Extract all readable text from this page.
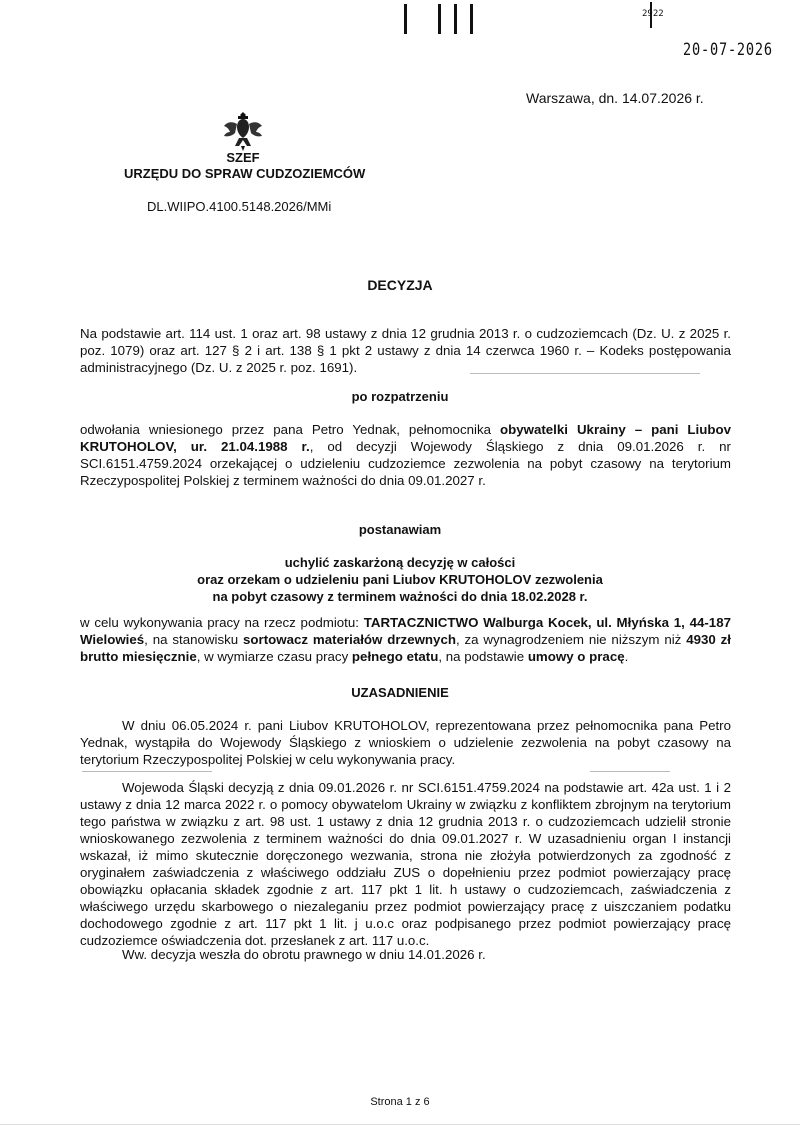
2922
20-07-2026
Warszawa, dn. 14.07.2026 r.
SZEF
URZĘDU DO SPRAW CUDZOZIEMCÓW
DL.WIIPO.4100.5148.2026/MMi
DECYZJA
Na podstawie art. 114 ust. 1 oraz art. 98 ustawy z dnia 12 grudnia 2013 r. o cudzoziemcach (Dz. U. z 2025 r. poz. 1079) oraz art. 127 § 2 i art. 138 § 1 pkt 2 ustawy z dnia 14 czerwca 1960 r. – Kodeks postępowania administracyjnego (Dz. U. z 2025 r. poz. 1691).
po rozpatrzeniu
odwołania wniesionego przez pana Petro Yednak, pełnomocnika obywatelki Ukrainy – pani Liubov KRUTOHOLOV, ur. 21.04.1988 r., od decyzji Wojewody Śląskiego z dnia 09.01.2026 r. nr SCI.6151.4759.2024 orzekającej o udzieleniu cudzoziemce zezwolenia na pobyt czasowy na terytorium Rzeczypospolitej Polskiej z terminem ważności do dnia 09.01.2027 r.
postanawiam
uchylić zaskarżoną decyzję w całości
oraz orzekam o udzieleniu pani Liubov KRUTOHOLOV zezwolenia
na pobyt czasowy z terminem ważności do dnia 18.02.2028 r.
w celu wykonywania pracy na rzecz podmiotu: TARTACZNICTWO Walburga Kocek, ul. Młyńska 1, 44-187 Wielowieś, na stanowisku sortowacz materiałów drzewnych, za wynagrodzeniem nie niższym niż 4930 zł brutto miesięcznie, w wymiarze czasu pracy pełnego etatu, na podstawie umowy o pracę.
UZASADNIENIE
W dniu 06.05.2024 r. pani Liubov KRUTOHOLOV, reprezentowana przez pełnomocnika pana Petro Yednak, wystąpiła do Wojewody Śląskiego z wnioskiem o udzielenie zezwolenia na pobyt czasowy na terytorium Rzeczypospolitej Polskiej w celu wykonywania pracy.
Wojewoda Śląski decyzją z dnia 09.01.2026 r. nr SCI.6151.4759.2024 na podstawie art. 42a ust. 1 i 2 ustawy z dnia 12 marca 2022 r. o pomocy obywatelom Ukrainy w związku z konfliktem zbrojnym na terytorium tego państwa w związku z art. 98 ust. 1 ustawy z dnia 12 grudnia 2013 r. o cudzoziemcach udzielił stronie wnioskowanego zezwolenia z terminem ważności do dnia 09.01.2027 r. W uzasadnieniu organ I instancji wskazał, iż mimo skutecznie doręczonego wezwania, strona nie złożyła potwierdzonych za zgodność z oryginałem zaświadczenia z właściwego oddziału ZUS o dopełnieniu przez podmiot powierzający pracę obowiązku opłacania składek zgodnie z art. 117 pkt 1 lit. h ustawy o cudzoziemcach, zaświadczenia z właściwego urzędu skarbowego o niezaleganiu przez podmiot powierzający pracę z uiszczaniem podatku dochodowego zgodnie z art. 117 pkt 1 lit. j u.o.c oraz podpisanego przez podmiot powierzający pracę cudzoziemce oświadczenia dot. przesłanek z art. 117 u.o.c.
Ww. decyzja weszła do obrotu prawnego w dniu 14.01.2026 r.
Strona 1 z 6
